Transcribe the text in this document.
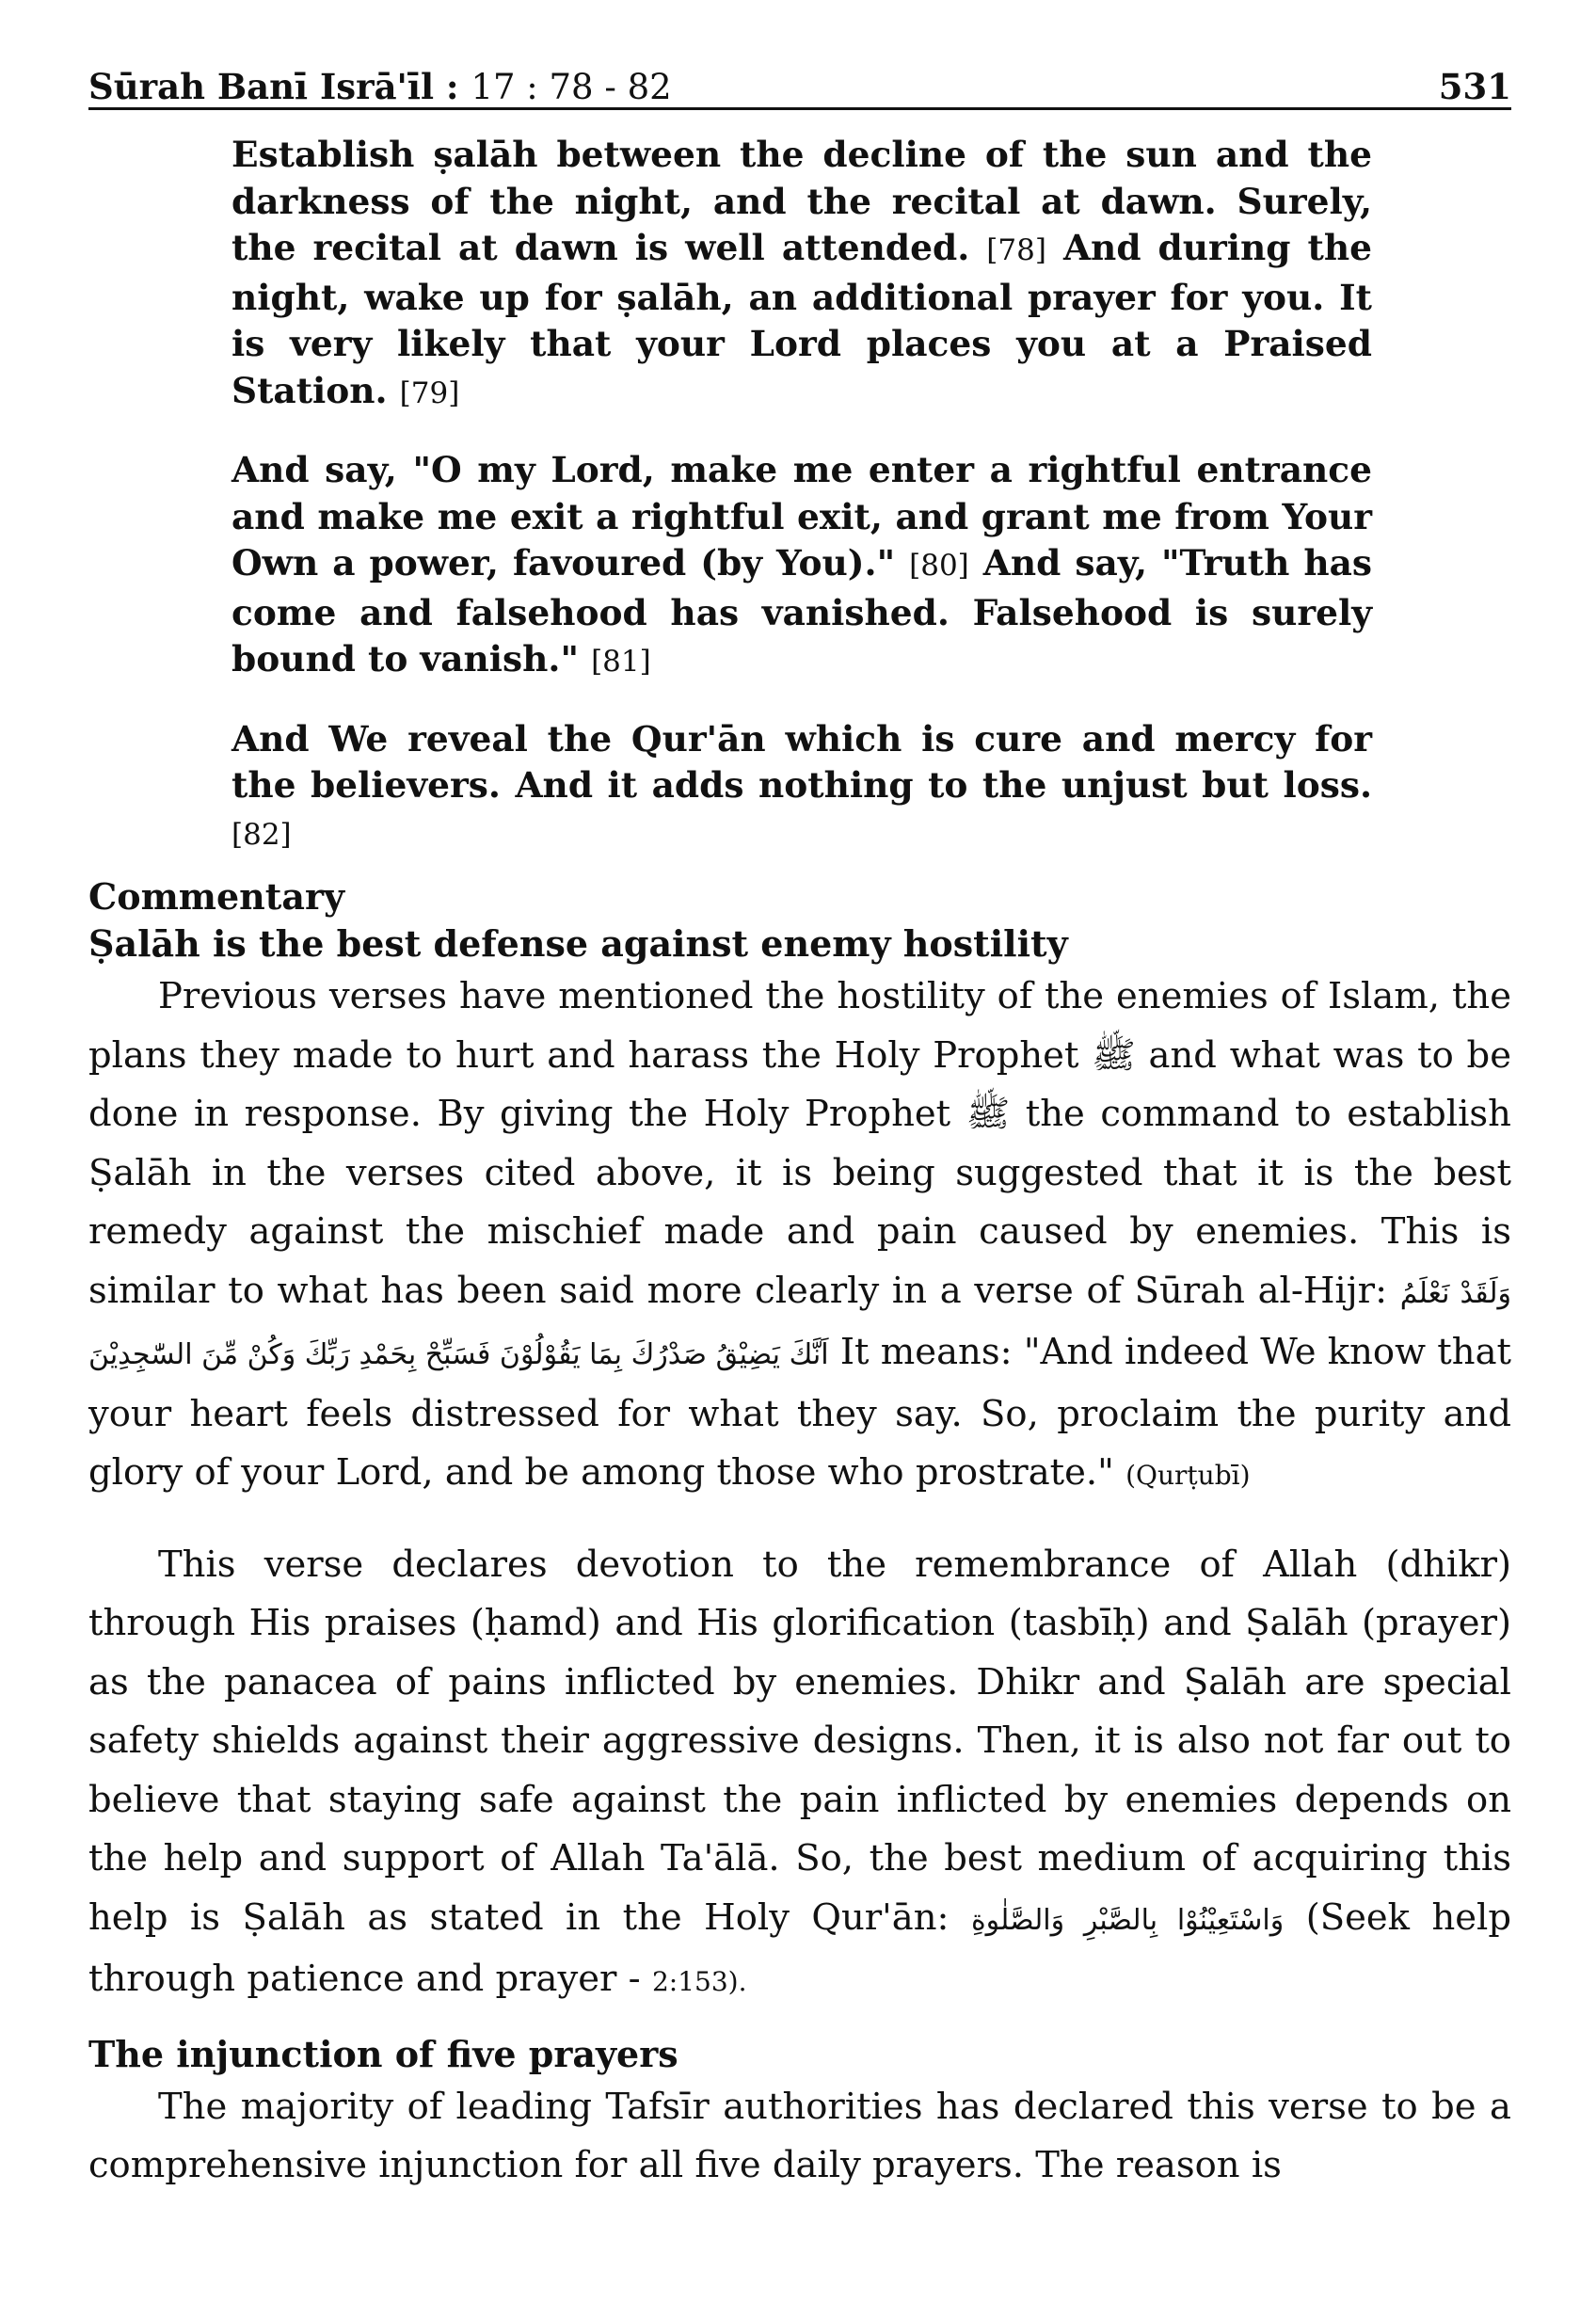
Sūrah Banī Isrā'īl : 17 : 78 - 82	531

Establish ṣalāh between the decline of the sun and the darkness of the night, and the recital at dawn. Surely, the recital at dawn is well attended. [78] And during the night, wake up for ṣalāh, an additional prayer for you. It is very likely that your Lord places you at a Praised Station. [79]

And say, "O my Lord, make me enter a rightful entrance and make me exit a rightful exit, and grant me from Your Own a power, favoured (by You)." [80] And say, "Truth has come and falsehood has vanished. Falsehood is surely bound to vanish." [81]

And We reveal the Qur'ān which is cure and mercy for the believers. And it adds nothing to the unjust but loss. [82]

Commentary

Ṣalāh is the best defense against enemy hostility

Previous verses have mentioned the hostility of the enemies of Islam, the plans they made to hurt and harass the Holy Prophet ﷺ and what was to be done in response. By giving the Holy Prophet ﷺ the command to establish Ṣalāh in the verses cited above, it is being suggested that it is the best remedy against the mischief made and pain caused by enemies. This is similar to what has been said more clearly in a verse of Sūrah al-Hijr: وَلَقَدْ نَعْلَمُ اَنَّكَ يَضِيْقُ صَدْرُكَ بِمَا يَقُوْلُوْنَ فَسَبِّحْ بِحَمْدِ رَبِّكَ وَكُنْ مِّنَ السّٰجِدِيْنَ It means: "And indeed We know that your heart feels distressed for what they say. So, proclaim the purity and glory of your Lord, and be among those who prostrate." (Qurṭubī)

This verse declares devotion to the remembrance of Allah (dhikr) through His praises (ḥamd) and His glorification (tasbīḥ) and Ṣalāh (prayer) as the panacea of pains inflicted by enemies. Dhikr and Ṣalāh are special safety shields against their aggressive designs. Then, it is also not far out to believe that staying safe against the pain inflicted by enemies depends on the help and support of Allah Ta'ālā. So, the best medium of acquiring this help is Ṣalāh as stated in the Holy Qur'ān: وَاسْتَعِيْنُوْا بِالصَّبْرِ وَالصَّلٰوةِ (Seek help through patience and prayer - 2:153).

The injunction of five prayers

The majority of leading Tafsīr authorities has declared this verse to be a comprehensive injunction for all five daily prayers. The reason is
